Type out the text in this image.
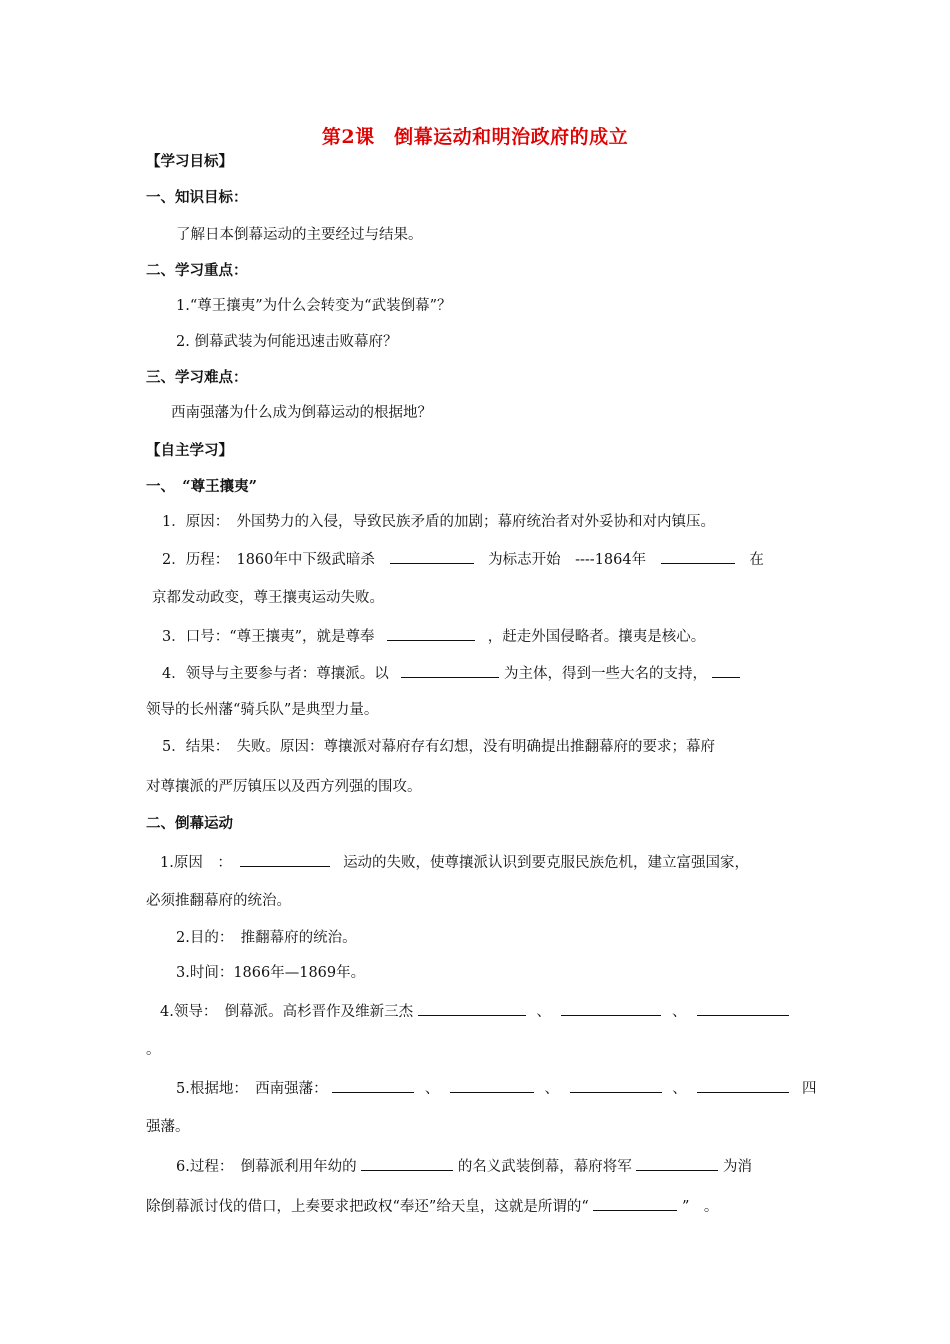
第2课　倒幕运动和明治政府的成立
【学习目标】
一、知识目标：
了解日本倒幕运动的主要经过与结果。
二、学习重点：
1.“尊王攘夷”为什么会转变为“武装倒幕”？
2. 倒幕武装为何能迅速击败幕府？
三、学习难点：
西南强藩为什么成为倒幕运动的根据地？
【自主学习】
一、　“尊王攘夷”
1．原因：　外国势力的入侵，导致民族矛盾的加剧；幕府统治者对外妥协和对内镇压。
2．历程：　1860年中下级武暗杀	为标志开始　----1864年	在
京都发动政变，尊王攘夷运动失败。
3．口号：“尊王攘夷”，就是尊奉	，赶走外国侵略者。攘夷是核心。
4．领导与主要参与者：尊攘派。以	为主体，得到一些大名的支持，
领导的长州藩“骑兵队”是典型力量。
5．结果：　失败。原因：尊攘派对幕府存有幻想，没有明确提出推翻幕府的要求；幕府
对尊攘派的严厉镇压以及西方列强的围攻。
二、倒幕运动
1.原因　：	运动的失败，使尊攘派认识到要克服民族危机，建立富强国家，
必须推翻幕府的统治。
2.目的：　推翻幕府的统治。
3.时间：1866年—1869年。
4.领导：　倒幕派。高杉晋作及维新三杰	、	、
。
5.根据地：　西南强藩：	、	、	、	四
强藩。
6.过程：　倒幕派利用年幼的	的名义武装倒幕，幕府将军	为消
除倒幕派讨伐的借口，上奏要求把政权“奉还”给天皇，这就是所谓的“	”　。
